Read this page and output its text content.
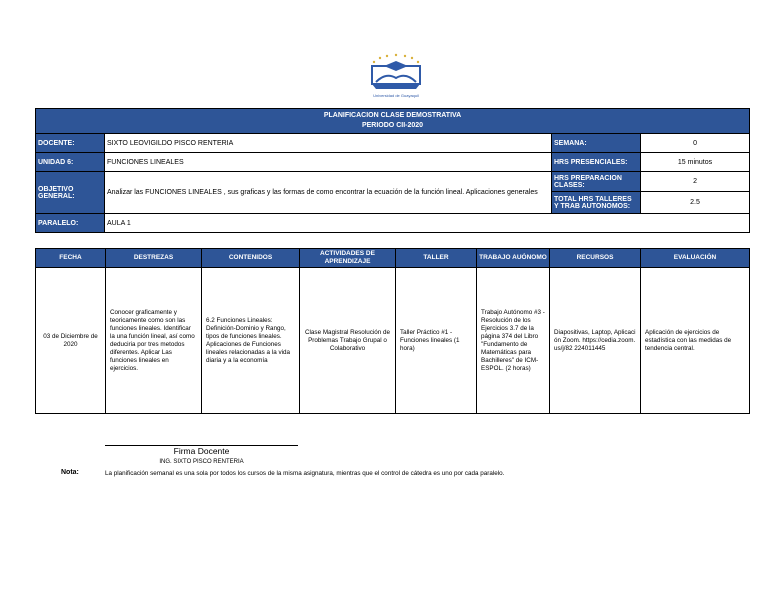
Universidad de Guayaquil
PLANIFICACION CLASE DEMOSTRATIVA
PERIODO CII-2020			

DOCENTE:	SIXTO LEOVIGILDO PISCO RENTERIA	SEMANA:	0
UNIDAD 6:	FUNCIONES LINEALES	HRS PRESENCIALES:	15 minutos
OBJETIVO GENERAL:	Analizar las FUNCIONES LINEALES , sus graficas y las formas de como encontrar la ecuación de la función lineal. Aplicaciones generales	HRS PREPARACION CLASES:	2
		TOTAL HRS TALLERES Y TRAB AUTONOMOS:	2.5
PARALELO:	AULA 1		
FECHA	DESTREZAS	CONTENIDOS	ACTIVIDADES DE APRENDIZAJE	TALLER	TRABAJO AUÓNOMO	RECURSOS	EVALUACIÓN
03 de Diciembre de 2020	Conocer graficamente y teoricamente como son las funciones lineales. Identificar la una función lineal, así como deduciria por tres metodos diferentes. Aplicar Las funciones lineales en ejercicios.	6.2 Funciones Lineales: Definición-Dominio y Rango, tipos de funciones lineales. Aplicaciones de Funciones lineales relacionadas a la vida diaria y a la economía	Clase Magistral Resolución de Problemas Trabajo Grupal o Colaborativo	Taller Práctico #1 - Funciones lineales (1 hora)	Trabajo Autónomo #3 - Resolución de los Ejercicios 3.7 de la página 374 del Libro "Fundamento de Matemáticas para Bachilleres" de ICM-ESPOL. (2 horas)	Diapositivas, Laptop, Aplicación Zoom. https://cedia.zoom.us/j/82 224011445	Aplicación de ejercicios de estadística con las medidas de tendencia central.
Firma Docente
ING. SIXTO PISCO RENTERIA
Nota:	La planificación semanal es una sola por todos los cursos de la misma asignatura, mientras que el control de cátedra es uno por cada paralelo.
